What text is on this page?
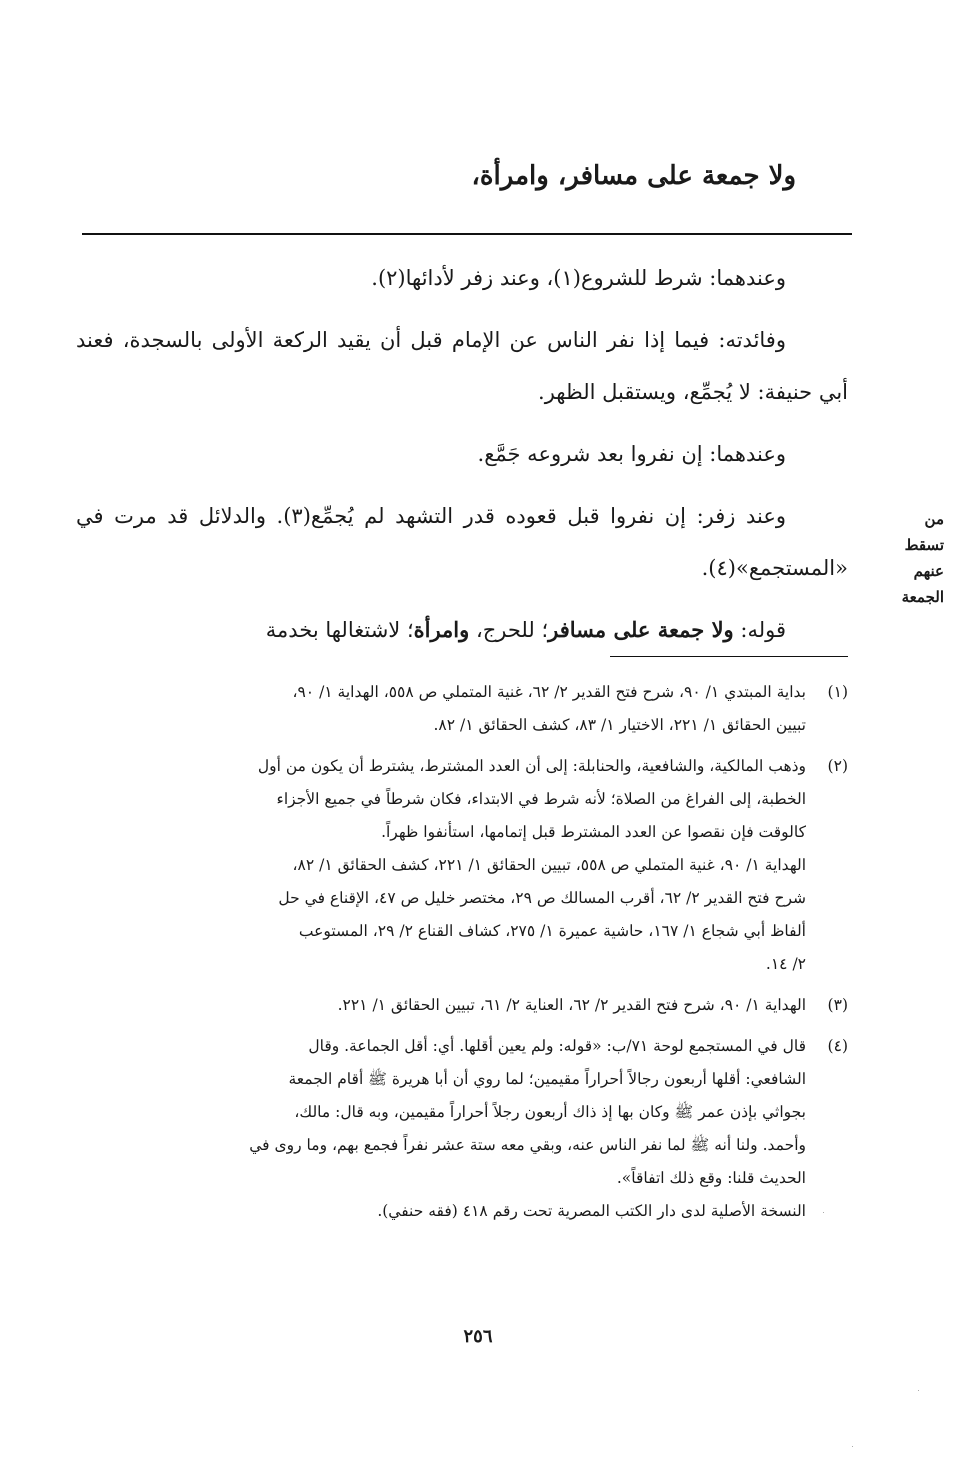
ولا جمعة على مسافر، وامرأة،

وعندهما: شرط للشروع(١)، وعند زفر لأدائها(٢).

وفائدته: فيما إذا نفر الناس عن الإمام قبل أن يقيد الركعة الأولى بالسجدة، فعند أبي حنيفة: لا يُجمِّع، ويستقبل الظهر.

وعندهما: إن نفروا بعد شروعه جَمَّع.

وعند زفر: إن نفروا قبل قعوده قدر التشهد لم يُجمِّع(٣). والدلائل قد مرت في «المستجمع»(٤).

قوله: ولا جمعة على مسافر؛ للحرج، وامرأة؛ لاشتغالها بخدمة

من
تسقط
عنهم
الجمعة
(١)
بداية المبتدي ١/ ٩٠، شرح فتح القدير ٢/ ٦٢، غنية المتملي ص ٥٥٨، الهداية ١/ ٩٠،
تبيين الحقائق ١/ ٢٢١، الاختيار ١/ ٨٣، كشف الحقائق ١/ ٨٢.
(٢)
وذهب المالكية، والشافعية، والحنابلة: إلى أن العدد المشترط، يشترط أن يكون من أول
الخطبة، إلى الفراغ من الصلاة؛ لأنه شرط في الابتداء، فكان شرطاً في جميع الأجزاء
كالوقت فإن نقصوا عن العدد المشترط قبل إتمامها، استأنفوا ظهراً.
الهداية ١/ ٩٠، غنية المتملي ص ٥٥٨، تبيين الحقائق ١/ ٢٢١، كشف الحقائق ١/ ٨٢،
شرح فتح القدير ٢/ ٦٢، أقرب المسالك ص ٢٩، مختصر خليل ص ٤٧، الإقناع في حل
ألفاظ أبي شجاع ١/ ١٦٧، حاشية عميرة ١/ ٢٧٥، كشاف القناع ٢/ ٢٩، المستوعب
٢/ ١٤.
(٣)
الهداية ١/ ٩٠، شرح فتح القدير ٢/ ٦٢، العناية ٢/ ٦١، تبيين الحقائق ١/ ٢٢١.
(٤)
قال في المستجمع لوحة ٧١/ب: «قوله: ولم يعين أقلها. أي: أقل الجماعة. وقال
الشافعي: أقلها أربعون رجالاً أحراراً مقيمين؛ لما روي أن أبا هريرة ﷺ أقام الجمعة
بجواثي بإذن عمر ﷺ وكان بها إذ ذاك أربعون رجلاً أحراراً مقيمين، وبه قال: مالك،
وأحمد. ولنا أنه ﷺ لما نفر الناس عنه، وبقي معه ستة عشر نفراً فجمع بهم، وما روى في
الحديث قلنا: وقع ذلك اتفاقاً».
النسخة الأصلية لدى دار الكتب المصرية تحت رقم ٤١٨ (فقه حنفي).
٢٥٦
